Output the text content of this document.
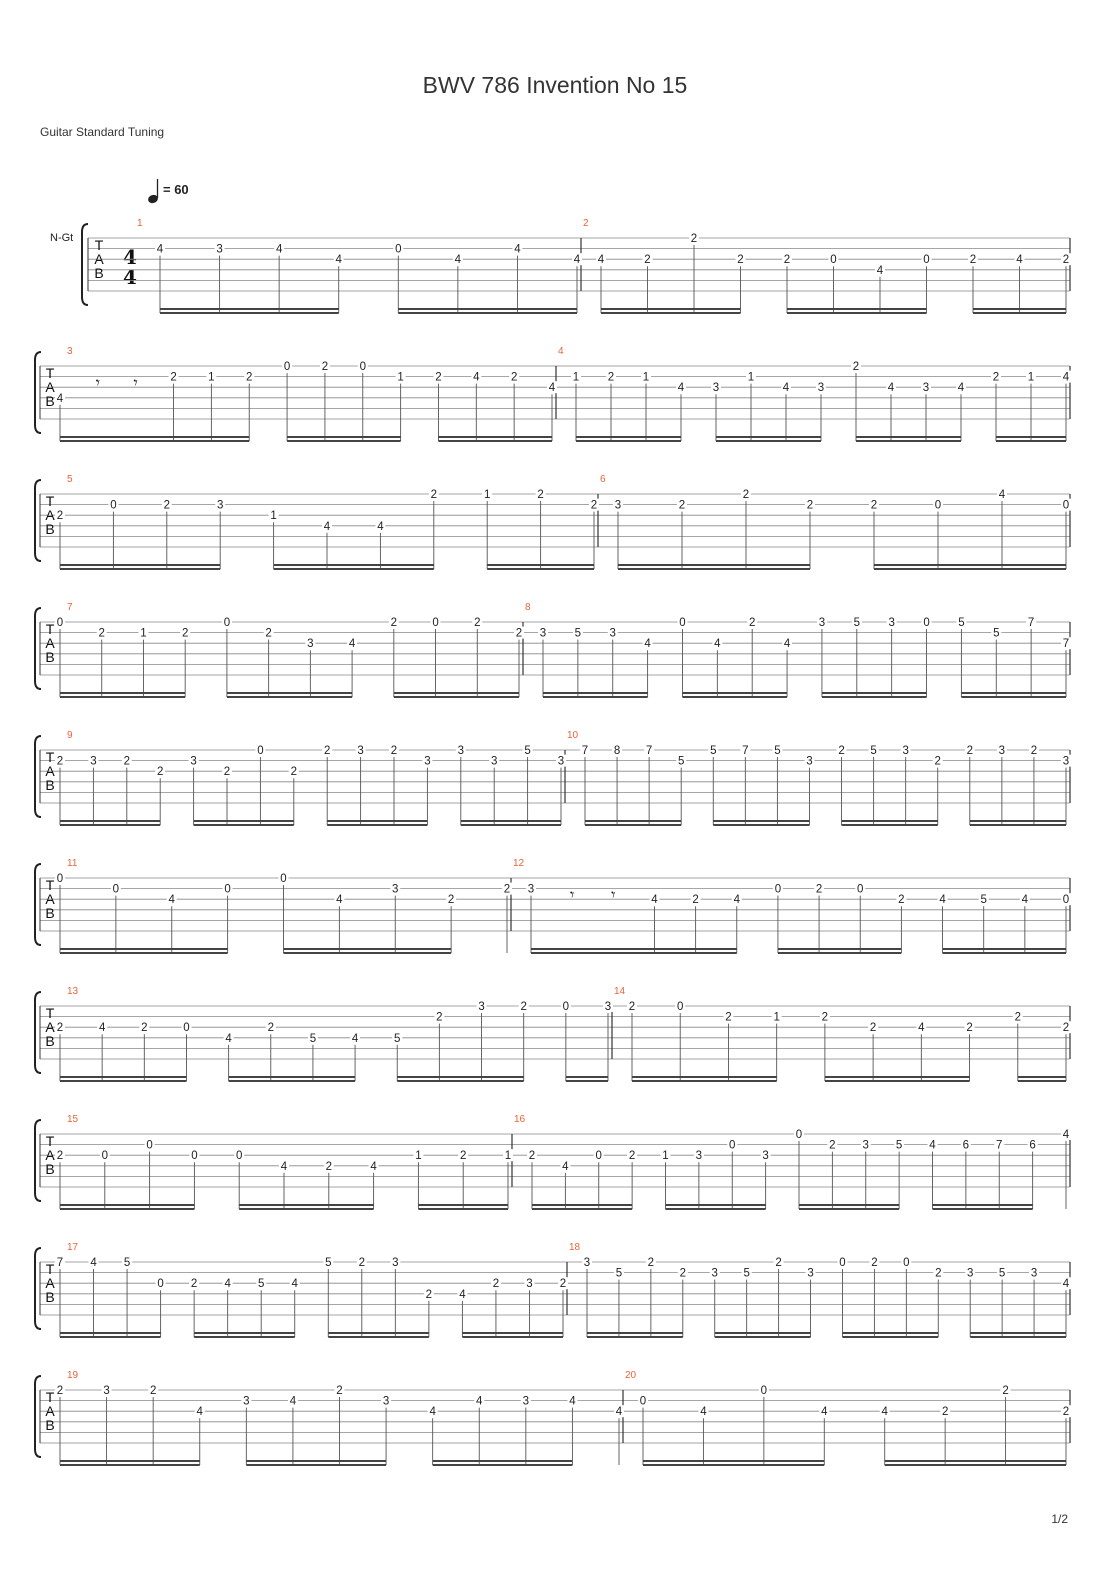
BWV 786 Invention No 15
Guitar Standard Tuning
1/2
= 60
N-Gt
4
4
T
A
B
1
4	3	4
4
0
4
4
4
2
4	2
2
2	2	0
4
0	2	4	2
T
A
B
3
4
𝄾 𝄾	2	1	2
0	2	0
1	2	4	2
4
4
1 2 1
4 3
1
4 3
2
4 3 4
2 1 4
T
A
B
5
2
0	2	3
1
4	4
2	1	2
2
6
3	2
2
2	2	0
4
0
T
A
B
7
0
2	1	2
0
2
3	4
2	0	2
2
8
3 5 3
4
0
4
2
4
3 5 3 0 5
5
7
7
T
A
B
9
2 3 2
2
3
2
0
2
2 3 2
3
3
3
5
3
10
7 8 7
5
5 7 5
3
2 5 3
2
2 3 2
3
T
A
B
11
0
0
4
0
0
4
3
2
2
12
3 𝄾 𝄾	4	2	4
0	2	0
2	4	5	4	0
T
A
B
13
2	4	2	0
4
2
5	4	5
2
3	2	0	3
14
2	0
2	1	2
2	4	2
2
2
T
A
B
15
2	0
0
0	0
4	2	4
1	2	1
16
2
4
0 2 1 3
0
3
0
2 3 5 4 6 7 6
4
T
A
B
17
7 4 5
0 2 4 5 4
5 2 3
2 4
2 3 2
18
3
5
2
2 3 5
2
3
0 2 0
2 3 5 3
4
T
A
B
19
2	3	2
4
3	4
2
3
4
4	3	4
4
20
0
4
0
4	4	2
2
2
